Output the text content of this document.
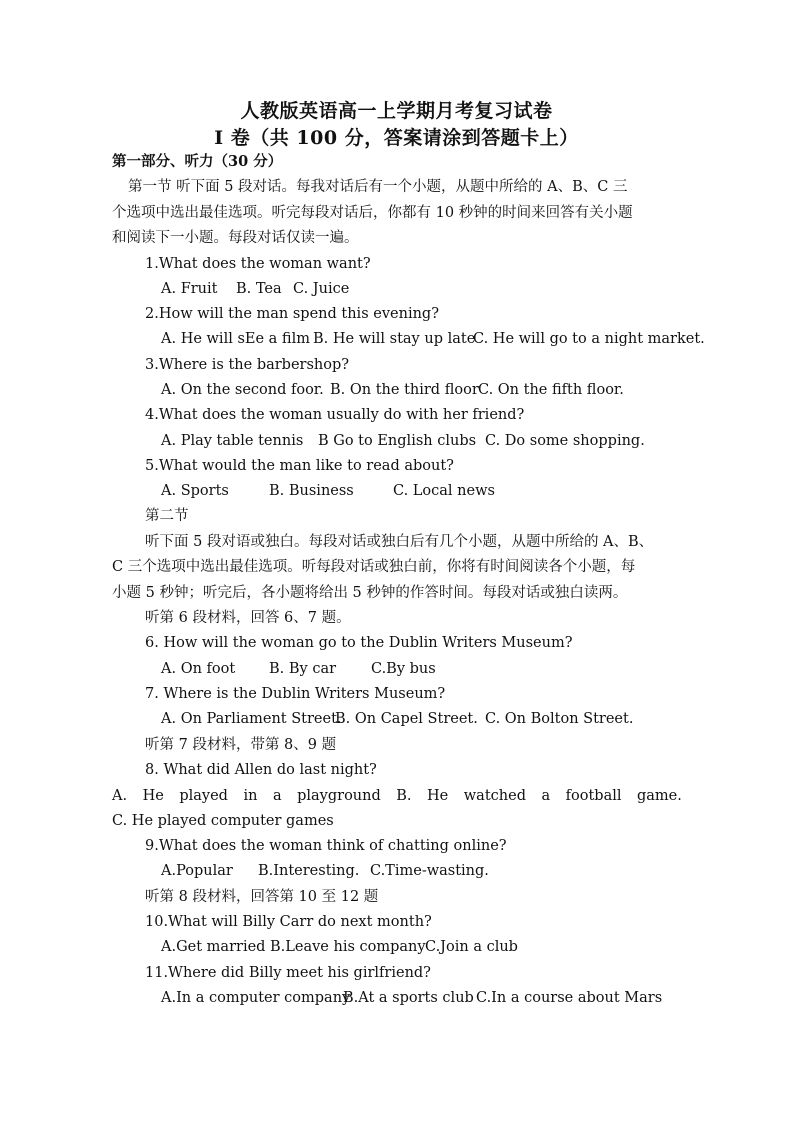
人教版英语高一上学期月考复习试卷
I 卷（共 100 分，答案请涂到答题卡上）
第一部分、听力（30 分）
第一节 听下面 5 段对话。每我对话后有一个小题，从题中所给的 A、B、C 三
个选项中选出最佳选项。听完每段对话后，你都有 10 秒钟的时间来回答有关小题
和阅读下一小题。每段对话仅读一遍。
1.What does the woman want?
A. Fruit B. Tea C. Juice
2.How will the man spend this evening?
A. He will sEe a film B. He will stay up late
C. He will go to a night market.
3.Where is the barbershop?
A. On the second foor. B. On the third floor C. On the fifth floor.
4.What does the woman usually do with her friend?
A. Play table tennis B Go to English clubs C. Do some shopping.
5.What would the man like to read about?
A. Sports	B. Business	C. Local news
第二节
听下面 5 段对语或独白。每段对话或独白后有几个小题，从题中所给的 A、B、
C 三个选项中选出最佳选项。听每段对话或独白前，你将有时间阅读各个小题，每
小题 5 秒钟；听完后，各小题将给出 5 秒钟的作答时间。每段对话或独白读两。
听第 6 段材料，回答 6、7 题。
6. How will the woman go to the Dublin Writers Museum?
A. On foot B. By car C.By bus
7. Where is the Dublin Writers Museum?
A. On Parliament Street.
B. On Capel Street. C. On Bolton Street.
听第 7 段材料，带第 8、9 题
8. What did Allen do last night?
A. He played in a playground B. He watched a football game.
C. He played computer games
9.What does the woman think of chatting online?
A.Popular B.Interesting. C.Time-wasting.
听第 8 段材料，回答第 10 至 12 题
10.What will Billy Carr do next month?
A.Get married B.Leave his company C.Join a club
11.Where did Billy meet his girlfriend?
A.In a computer company
B.At a sports club C.In a course about Mars
